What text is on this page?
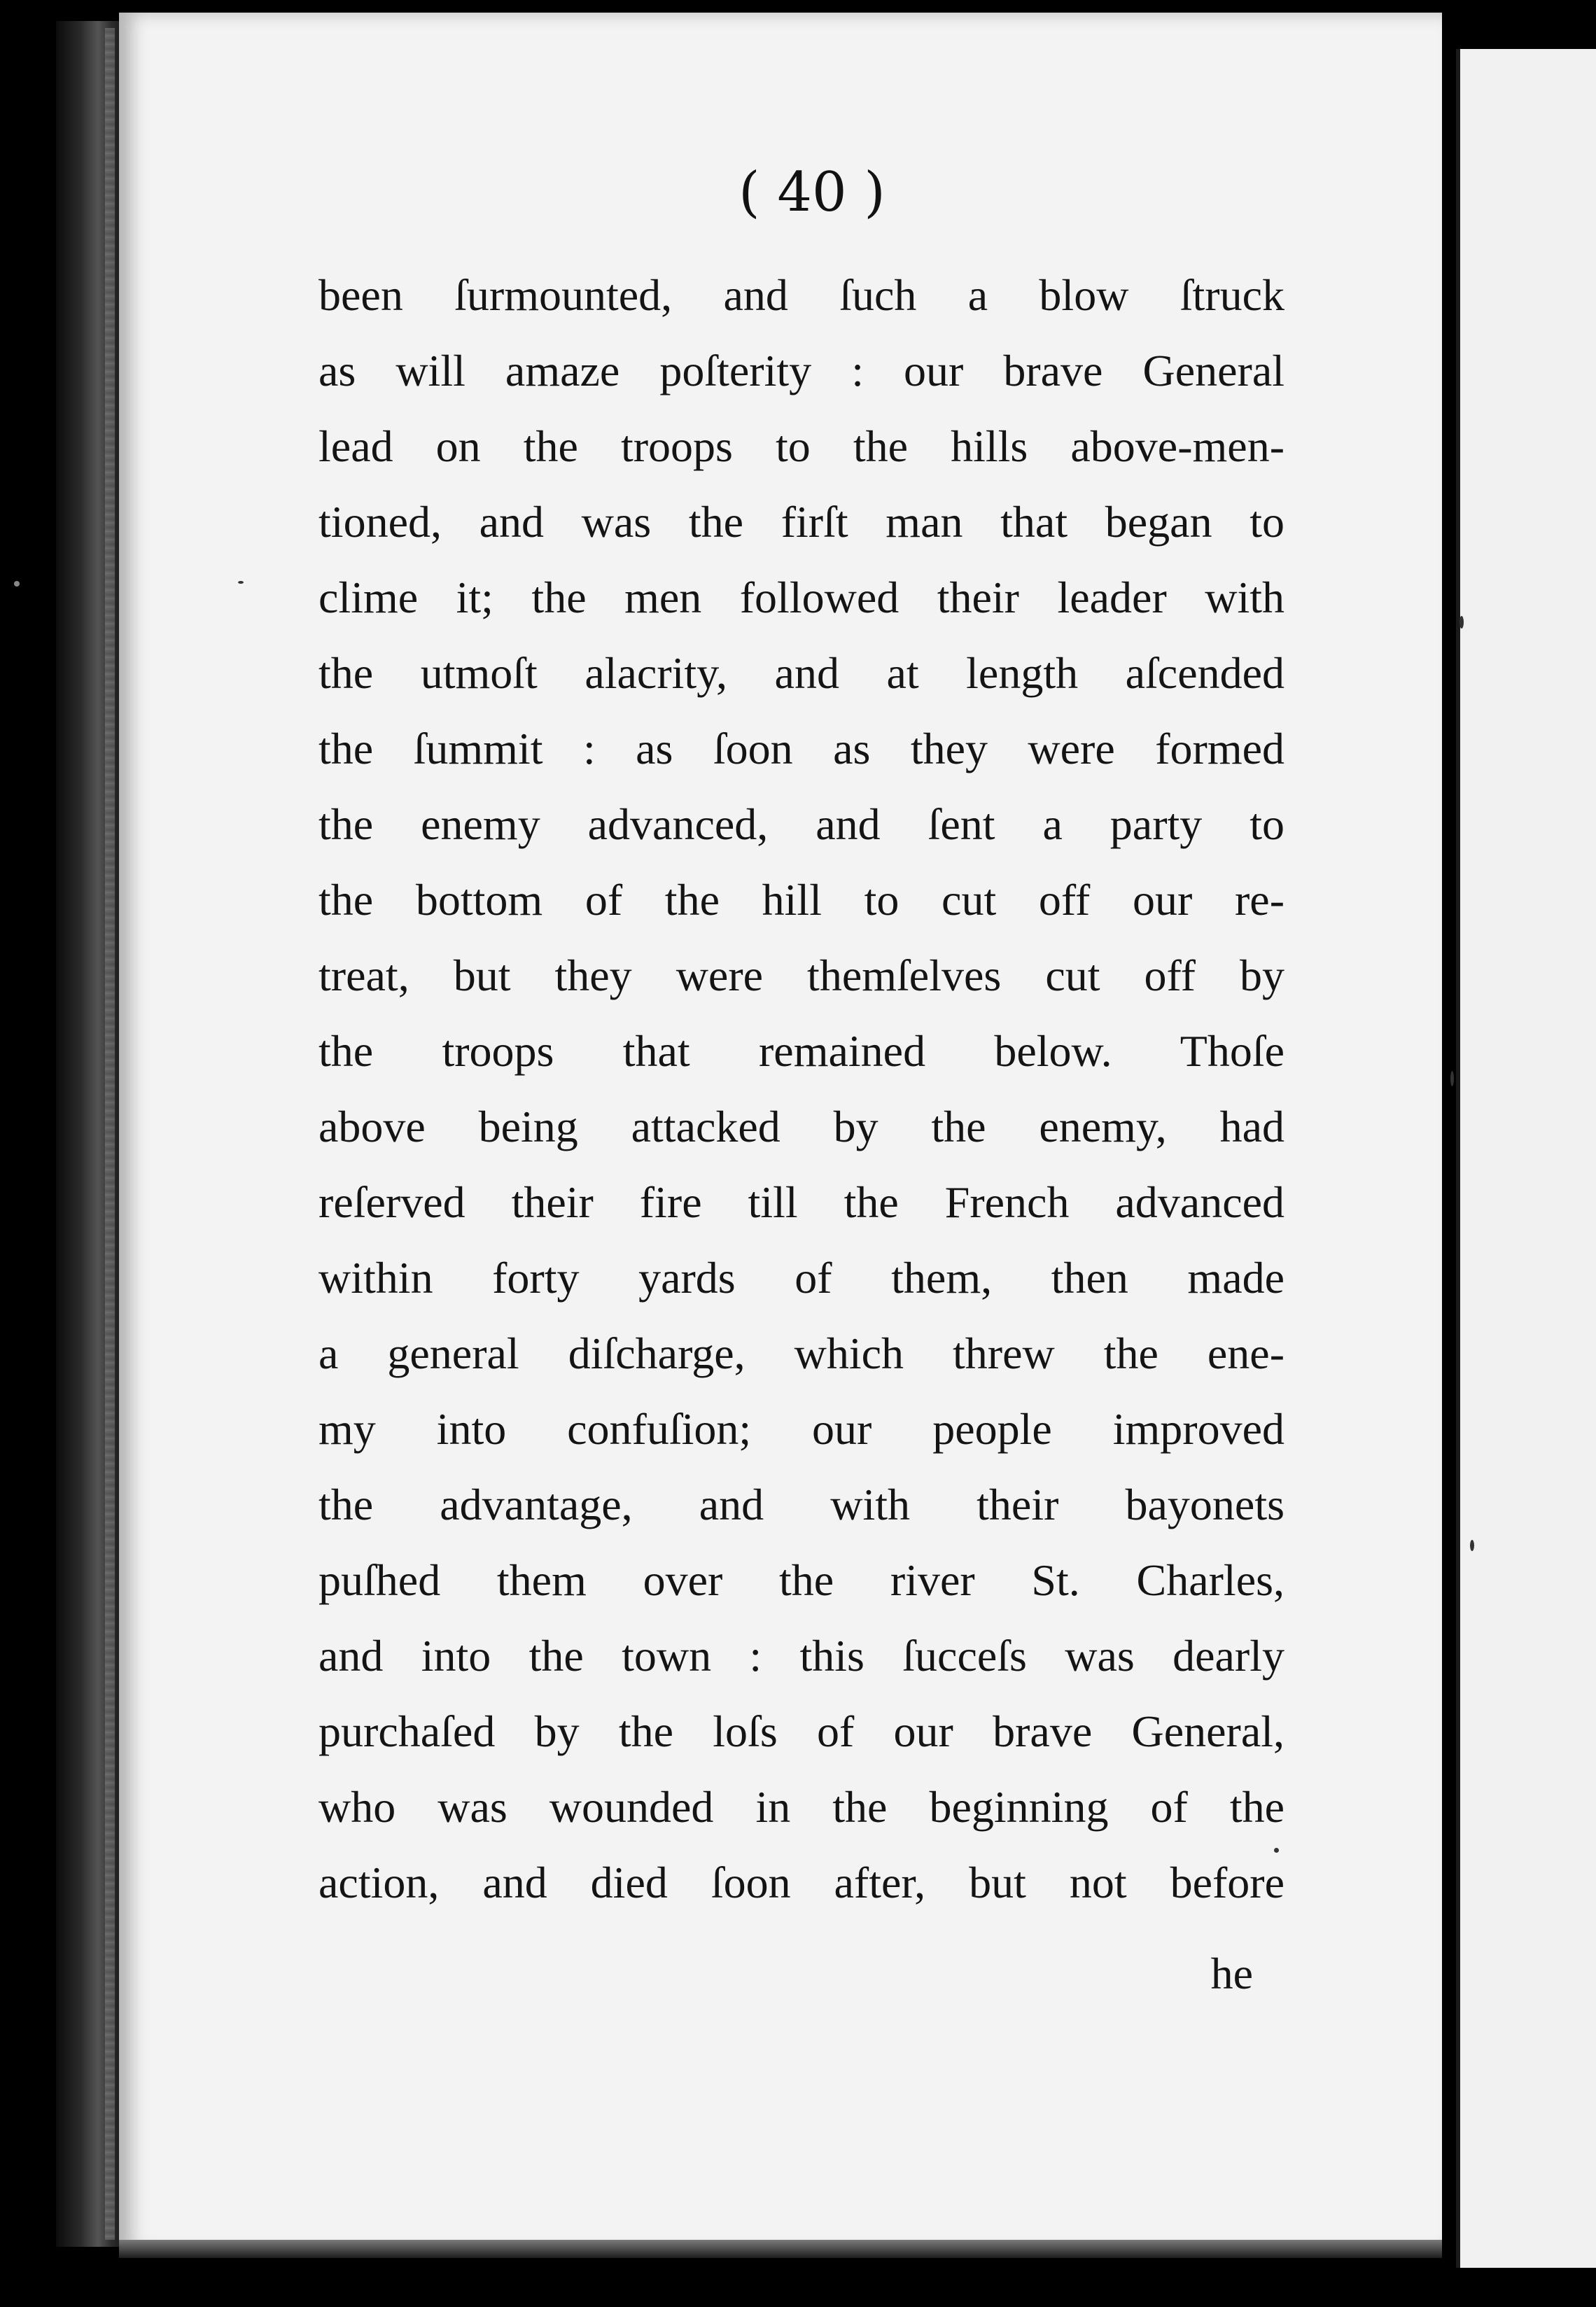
( 40 )
been ſurmounted, and ſuch a blow ſtruck
as will amaze poſterity : our brave General
lead on the troops to the hills above-men-
tioned, and was the firſt man that began to
clime it; the men followed their leader with
the utmoſt alacrity, and at length aſcended
the ſummit : as ſoon as they were formed
the enemy advanced, and ſent a party to
the bottom of the hill to cut off our re-
treat, but they were themſelves cut off by
the troops that remained below. Thoſe
above being attacked by the enemy, had
reſerved their fire till the French advanced
within forty yards of them, then made
a general diſcharge, which threw the ene-
my into confuſion; our people improved
the advantage, and with their bayonets
puſhed them over the river St. Charles,
and into the town : this ſucceſs was dearly
purchaſed by the loſs of our brave General,
who was wounded in the beginning of the
action, and died ſoon after, but not before
he
